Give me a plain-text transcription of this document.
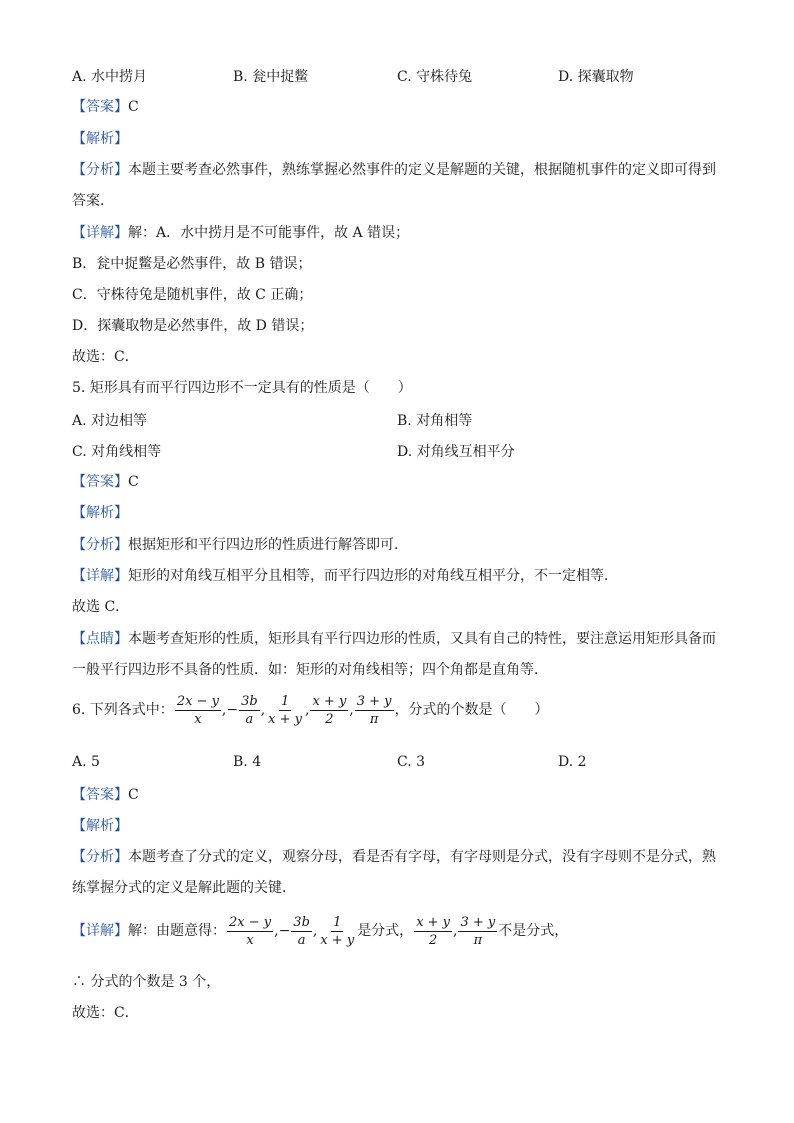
A. 水中捞月	B. 瓮中捉鳖	C. 守株待兔	D. 探囊取物
【答案】C
【解析】
【分析】本题主要考查必然事件，熟练掌握必然事件的定义是解题的关键，根据随机事件的定义即可得到
答案．
【详解】解：A．水中捞月是不可能事件，故 A 错误；
B．瓮中捉鳖是必然事件，故 B 错误；
C．守株待兔是随机事件，故 C 正确；
D．探囊取物是必然事件，故 D 错误；
故选：C．
5. 矩形具有而平行四边形不一定具有的性质是（　　）
A. 对边相等	B. 对角相等
C. 对角线相等	D. 对角线互相平分
【答案】C
【解析】
【分析】根据矩形和平行四边形的性质进行解答即可．
【详解】矩形的对角线互相平分且相等，而平行四边形的对角线互相平分，不一定相等．
故选 C．
【点睛】本题考查矩形的性质，矩形具有平行四边形的性质，又具有自己的特性，要注意运用矩形具备而
一般平行四边形不具备的性质．如：矩形的对角线相等；四个角都是直角等．
6. 下列各式中： $\frac{2x - y}{x}$ , − $\frac{3b}{a}$ , $\frac{1}{x + y}$ , $\frac{x + y}{2}$ , $\frac{3 + y}{\pi}$ ，分式的个数是（　　）
A. 5	B. 4	C. 3	D. 2
【答案】C
【解析】
【分析】本题考查了分式的定义，观察分母，看是否有字母，有字母则是分式，没有字母则不是分式，熟
练掌握分式的定义是解此题的关键．
【详解】 解：由题意得： $\frac{2x - y}{x}$ , − $\frac{3b}{a}$ , $\frac{1}{x + y}$ 是分式， $\frac{x + y}{2}$ , $\frac{3 + y}{\pi}$ 不是分式，
∴ 分式的个数是 3 个，
故选：C．
